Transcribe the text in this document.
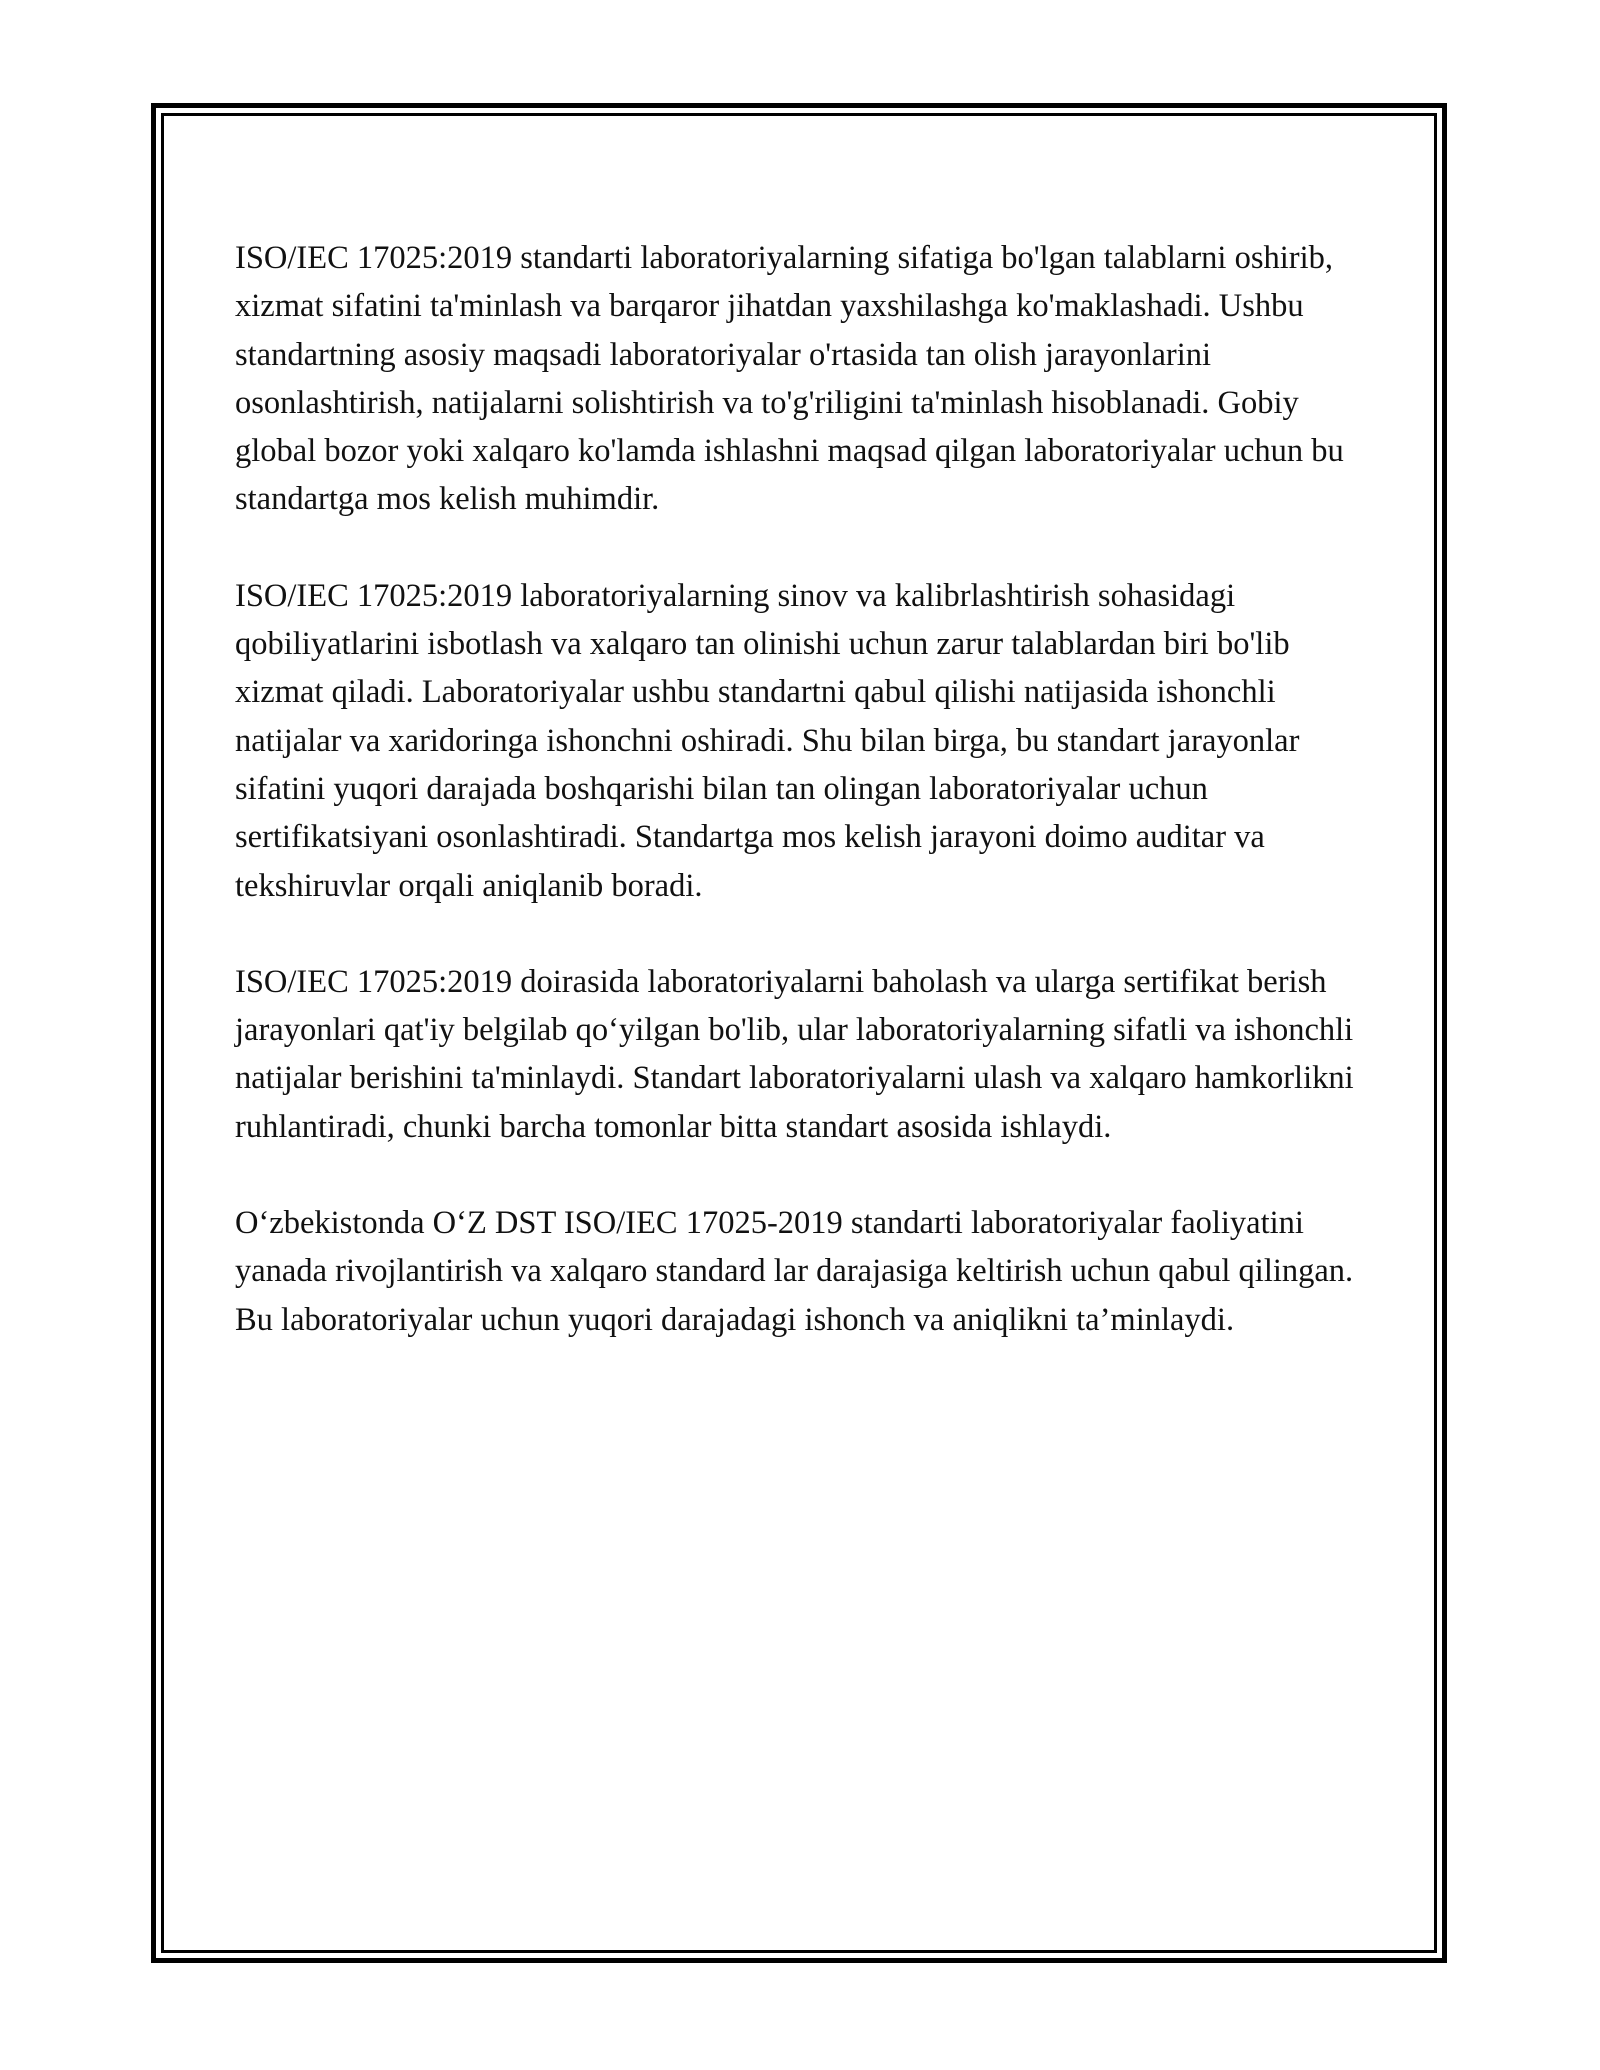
ISO/IEC 17025:2019 standarti laboratoriyalarning sifatiga bo'lgan talablarni oshirib, xizmat sifatini ta'minlash va barqaror jihatdan yaxshilashga ko'maklashadi. Ushbu standartning asosiy maqsadi laboratoriyalar o'rtasida tan olish jarayonlarini osonlashtirish, natijalarni solishtirish va to'g'riligini ta'minlash hisoblanadi. Gobiy global bozor yoki xalqaro ko'lamda ishlashni maqsad qilgan laboratoriyalar uchun bu standartga mos kelish muhimdir.

ISO/IEC 17025:2019 laboratoriyalarning sinov va kalibrlashtirish sohasidagi qobiliyatlarini isbotlash va xalqaro tan olinishi uchun zarur talablardan biri bo'lib xizmat qiladi. Laboratoriyalar ushbu standartni qabul qilishi natijasida ishonchli natijalar va xaridoringa ishonchni oshiradi. Shu bilan birga, bu standart jarayonlar sifatini yuqori darajada boshqarishi bilan tan olingan laboratoriyalar uchun sertifikatsiyani osonlashtiradi. Standartga mos kelish jarayoni doimo auditar va tekshiruvlar orqali aniqlanib boradi.

ISO/IEC 17025:2019 doirasida laboratoriyalarni baholash va ularga sertifikat berish jarayonlari qat'iy belgilab qo‘yilgan bo'lib, ular laboratoriyalarning sifatli va ishonchli natijalar berishini ta'minlaydi. Standart laboratoriyalarni ulash va xalqaro hamkorlikni ruhlantiradi, chunki barcha tomonlar bitta standart asosida ishlaydi.

O‘zbekistonda O‘Z DST ISO/IEC 17025-2019 standarti laboratoriyalar faoliyatini yanada rivojlantirish va xalqaro standard lar darajasiga keltirish uchun qabul qilingan. Bu laboratoriyalar uchun yuqori darajadagi ishonch va aniqlikni ta’minlaydi.
